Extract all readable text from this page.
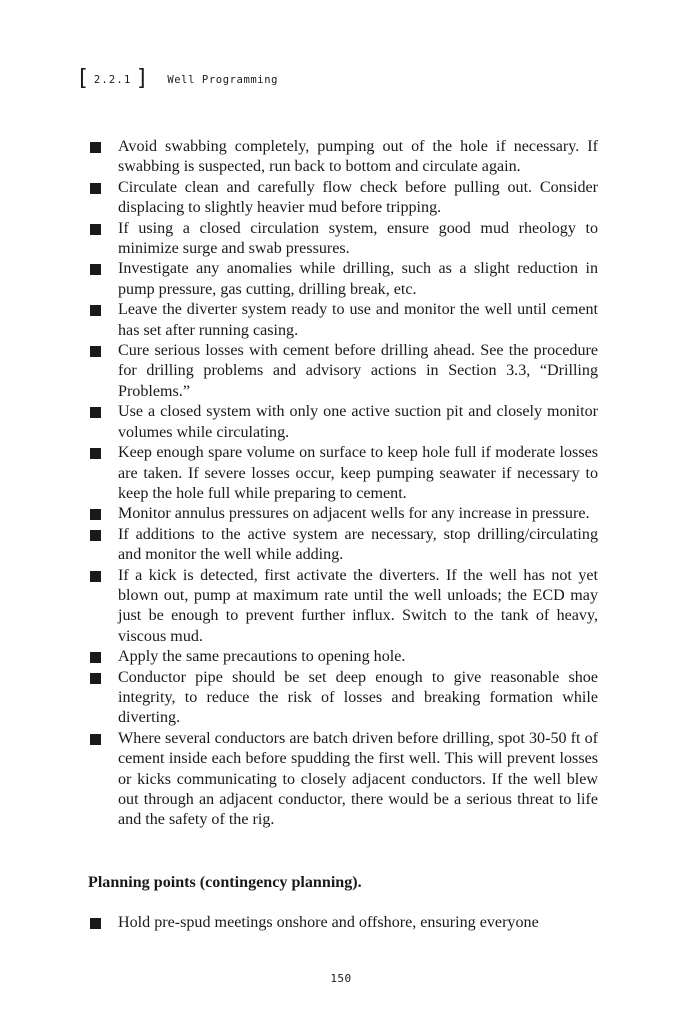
[ 2.2.1 ] Well Programming
Avoid swabbing completely, pumping out of the hole if necessary. If swabbing is suspected, run back to bottom and circulate again.
Circulate clean and carefully flow check before pulling out. Consider displacing to slightly heavier mud before tripping.
If using a closed circulation system, ensure good mud rheology to minimize surge and swab pressures.
Investigate any anomalies while drilling, such as a slight reduction in pump pressure, gas cutting, drilling break, etc.
Leave the diverter system ready to use and monitor the well until cement has set after running casing.
Cure serious losses with cement before drilling ahead. See the procedure for drilling problems and advisory actions in Section 3.3, “Drilling Problems.”
Use a closed system with only one active suction pit and closely monitor volumes while circulating.
Keep enough spare volume on surface to keep hole full if moderate losses are taken. If severe losses occur, keep pumping seawater if necessary to keep the hole full while preparing to cement.
Monitor annulus pressures on adjacent wells for any increase in pressure.
If additions to the active system are necessary, stop drilling/circulating and monitor the well while adding.
If a kick is detected, first activate the diverters. If the well has not yet blown out, pump at maximum rate until the well unloads; the ECD may just be enough to prevent further influx. Switch to the tank of heavy, viscous mud.
Apply the same precautions to opening hole.
Conductor pipe should be set deep enough to give reasonable shoe integrity, to reduce the risk of losses and breaking formation while diverting.
Where several conductors are batch driven before drilling, spot 30-50 ft of cement inside each before spudding the first well. This will prevent losses or kicks communicating to closely adjacent conductors. If the well blew out through an adjacent conductor, there would be a serious threat to life and the safety of the rig.
Planning points (contingency planning).
Hold pre-spud meetings onshore and offshore, ensuring everyone
150
